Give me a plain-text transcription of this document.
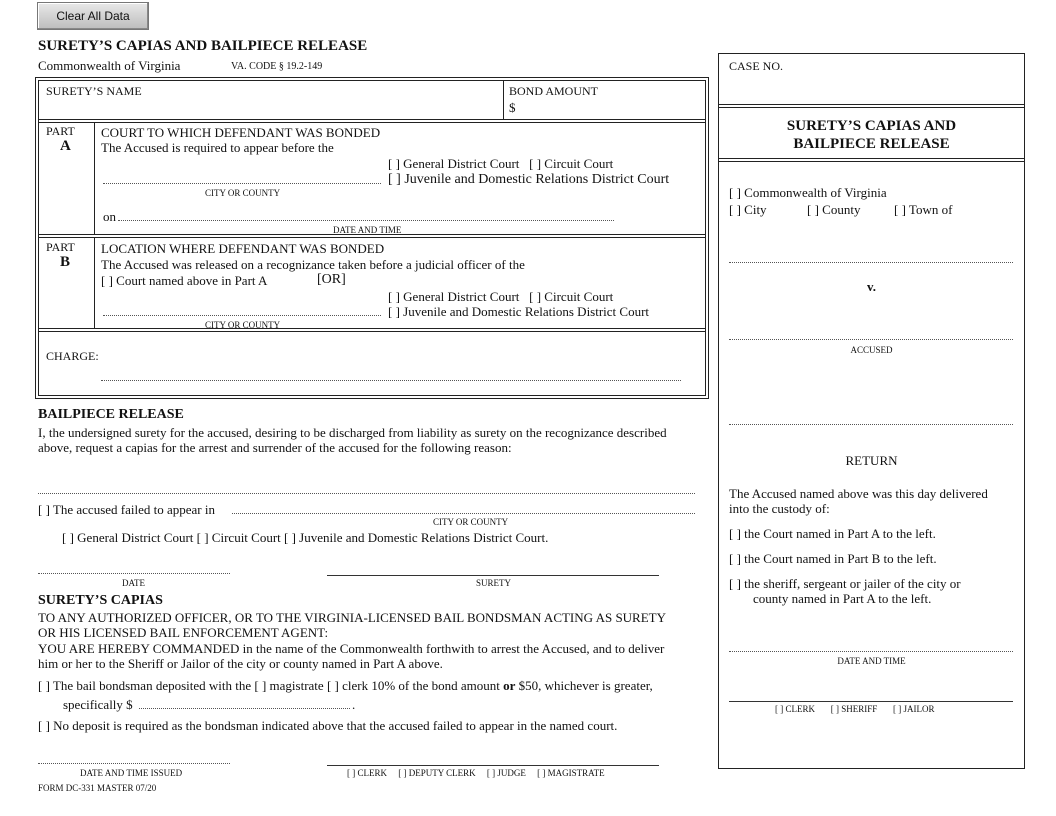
Clear All Data
SURETY’S CAPIAS AND BAILPIECE RELEASE
Commonwealth of Virginia	VA. CODE § 19.2-149
SURETY’S NAME	BOND AMOUNT
$
PART
A
COURT TO WHICH DEFENDANT WAS BONDED
The Accused is required to appear before the
[ ] General District Court   [ ] Circuit Court
[ ] Juvenile and Domestic Relations District Court
CITY OR COUNTY
on
DATE AND TIME
PART
B
LOCATION WHERE DEFENDANT WAS BONDED
The Accused was released on a recognizance taken before a judicial officer of the
[ ] Court named above in Part A	[OR]
[ ] General District Court   [ ] Circuit Court
[ ] Juvenile and Domestic Relations District Court
CITY OR COUNTY
CHARGE:
BAILPIECE RELEASE
I, the undersigned surety for the accused, desiring to be discharged from liability as surety on the recognizance described
above, request a capias for the arrest and surrender of the accused for the following reason:
[ ] The accused failed to appear in
CITY OR COUNTY
[ ] General District Court [ ] Circuit Court [ ] Juvenile and Domestic Relations District Court.
DATE	SURETY
SURETY’S CAPIAS
TO ANY AUTHORIZED OFFICER, OR TO THE VIRGINIA-LICENSED BAIL BONDSMAN ACTING AS SURETY
OR HIS LICENSED BAIL ENFORCEMENT AGENT:
YOU ARE HEREBY COMMANDED in the name of the Commonwealth forthwith to arrest the Accused, and to deliver
him or her to the Sheriff or Jailor of the city or county named in Part A above.
[ ] The bail bondsman deposited with the [ ] magistrate [ ] clerk 10% of the bond amount or $50, whichever is greater,
specifically $	.
[ ] No deposit is required as the bondsman indicated above that the accused failed to appear in the named court.
DATE AND TIME ISSUED	[ ] CLERK     [ ] DEPUTY CLERK     [ ] JUDGE     [ ] MAGISTRATE
FORM DC-331 MASTER 07/20
CASE NO.
SURETY’S CAPIAS AND
BAILPIECE RELEASE
[ ] Commonwealth of Virginia
[ ] City	[ ] County	[ ] Town of
v.
ACCUSED
RETURN
The Accused named above was this day delivered
into the custody of:
[ ] the Court named in Part A to the left.
[ ] the Court named in Part B to the left.
[ ] the sheriff, sergeant or jailer of the city or
county named in Part A to the left.
DATE AND TIME
[ ] CLERK       [ ] SHERIFF       [ ] JAILOR
